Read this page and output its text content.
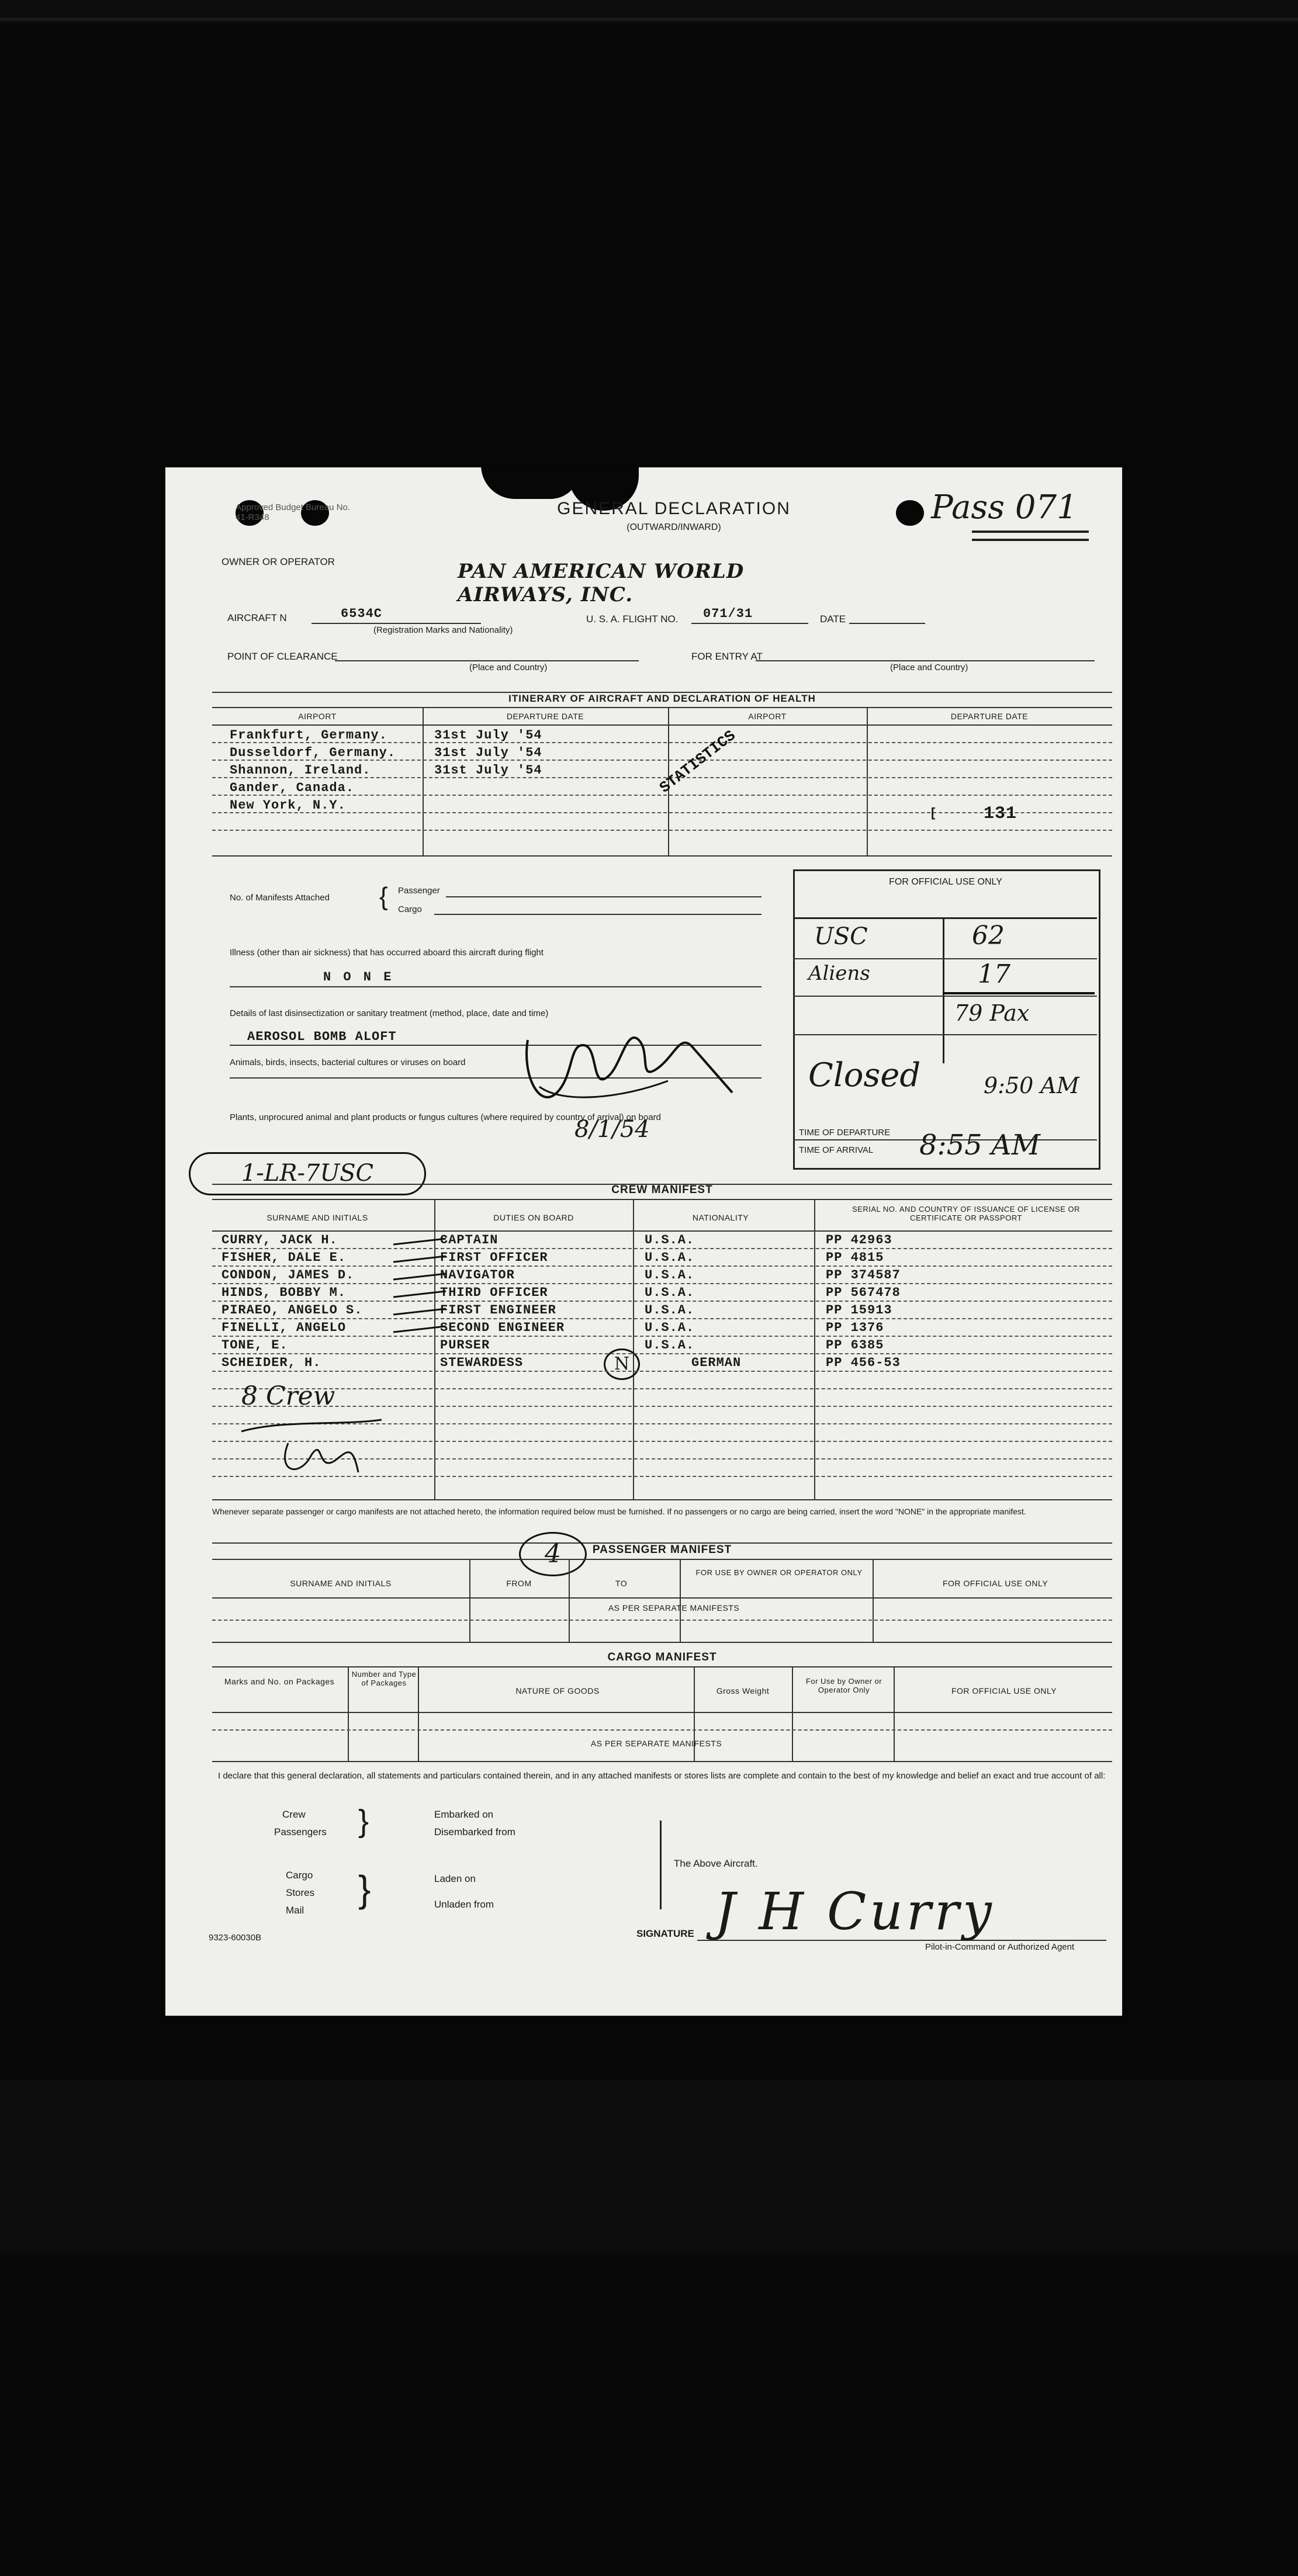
Approved Budget Bureau No. 41-R348	GENERAL DECLARATION
(OUTWARD/INWARD)
Pass 071
OWNER OR OPERATOR	PAN AMERICAN WORLD AIRWAYS, INC.
AIRCRAFT N	6534C
(Registration Marks and Nationality)
U. S. A. FLIGHT NO. 071/31	DATE
POINT OF CLEARANCE
(Place and Country)
FOR ENTRY AT
(Place and Country)
ITINERARY OF AIRCRAFT AND DECLARATION OF HEALTH
AIRPORT	DEPARTURE DATE	AIRPORT	DEPARTURE DATE
Frankfurt, Germany.	31st July '54
Dusseldorf, Germany.	31st July '54
Shannon, Ireland.	31st July '54
Gander, Canada.
New York, N.Y.
STATISTICS
[	131
No. of Manifests Attached { Passenger
Cargo
Illness (other than air sickness) that has occurred aboard this aircraft during flight
N O N E
Details of last disinsectization or sanitary treatment (method, place, date and time)
AEROSOL BOMB ALOFT
Animals, birds, insects, bacterial cultures or viruses on board
Plants, unprocured animal and plant products or fungus cultures (where required by country of arrival) on board
8/1/54
FOR OFFICIAL USE ONLY
USC	62
Aliens	17
79 Pax
Closed	9:50 AM
TIME OF DEPARTURE
TIME OF ARRIVAL 8:55 AM
1-LR-7USC
CREW MANIFEST
SURNAME AND INITIALS	DUTIES ON BOARD	NATIONALITY
SERIAL NO. AND COUNTRY OF ISSUANCE OF LICENSE OR CERTIFICATE OR PASSPORT
CURRY, JACK H.	CAPTAIN	U.S.A.	PP 42963
FISHER, DALE E.	FIRST OFFICER	U.S.A.	PP 4815
CONDON, JAMES D.	NAVIGATOR	U.S.A.	PP 374587
HINDS, BOBBY M.	THIRD OFFICER	U.S.A.	PP 567478
PIRAEO, ANGELO S.	FIRST ENGINEER	U.S.A.	PP 15913
FINELLI, ANGELO	SECOND ENGINEER	U.S.A.	PP 1376
TONE, E.	PURSER	U.S.A.	PP 6385
SCHEIDER, H.	STEWARDESS	GERMAN	PP 456-53
N
8 Crew
Whenever separate passenger or cargo manifests are not attached hereto, the information required below must be furnished. If no passengers or no cargo are being carried, insert the word "NONE" in the appropriate manifest.
PASSENGER MANIFEST
4
SURNAME AND INITIALS	FROM	TO
FOR USE BY OWNER OR OPERATOR ONLY
FOR OFFICIAL USE ONLY
AS PER SEPARATE MANIFESTS
CARGO MANIFEST
Marks and No. on Packages
Number and Type of Packages
NATURE OF GOODS	Gross Weight
For Use by Owner or Operator Only	FOR OFFICIAL USE ONLY
AS PER SEPARATE MANIFESTS
I declare that this general declaration, all statements and particulars contained therein, and in any attached manifests or stores lists are complete and contain to the best of my knowledge and belief an exact and true account of all:
Crew
Passengers }	Embarked on
Disembarked from
Cargo
Stores
Mail
}	Laden on
Unladen from
The Above Aircraft.
SIGNATURE J H Curry
Pilot-in-Command or Authorized Agent
9323-60030B
